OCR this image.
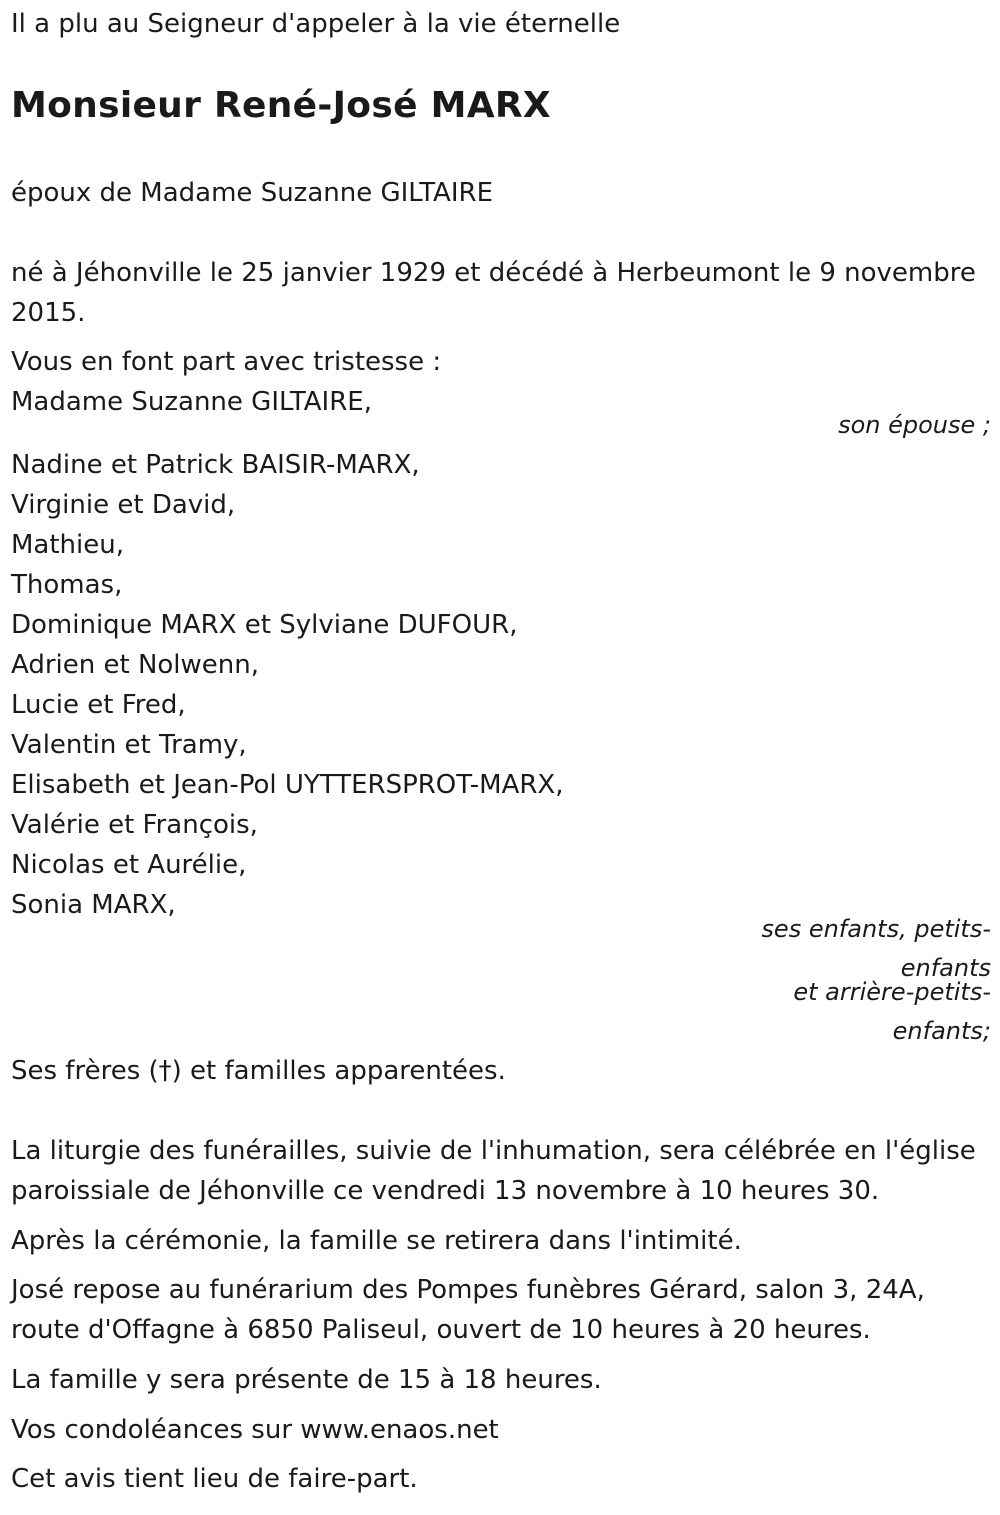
Il a plu au Seigneur d'appeler à la vie éternelle
Monsieur René-José MARX
époux de Madame Suzanne GILTAIRE
né à Jéhonville le 25 janvier 1929 et décédé à Herbeumont le 9 novembre 2015.
Vous en font part avec tristesse :
Madame Suzanne GILTAIRE,
son épouse ;
Nadine et Patrick BAISIR-MARX,
Virginie et David,
Mathieu,
Thomas,
Dominique MARX et Sylviane DUFOUR,
Adrien et Nolwenn,
Lucie et Fred,
Valentin et Tramy,
Elisabeth et Jean-Pol UYTTERSPROT-MARX,
Valérie et François,
Nicolas et Aurélie,
Sonia MARX,
ses enfants, petits-
enfants
et arrière-petits-
enfants;
Ses frères (†) et familles apparentées.
La liturgie des funérailles, suivie de l'inhumation, sera célébrée en l'église paroissiale de Jéhonville ce vendredi 13 novembre à 10 heures 30.
Après la cérémonie, la famille se retirera dans l'intimité.
José repose au funérarium des Pompes funèbres Gérard, salon 3, 24A, route d'Offagne à 6850 Paliseul, ouvert de 10 heures à 20 heures.
La famille y sera présente de 15 à 18 heures.
Vos condoléances sur www.enaos.net
Cet avis tient lieu de faire-part.
